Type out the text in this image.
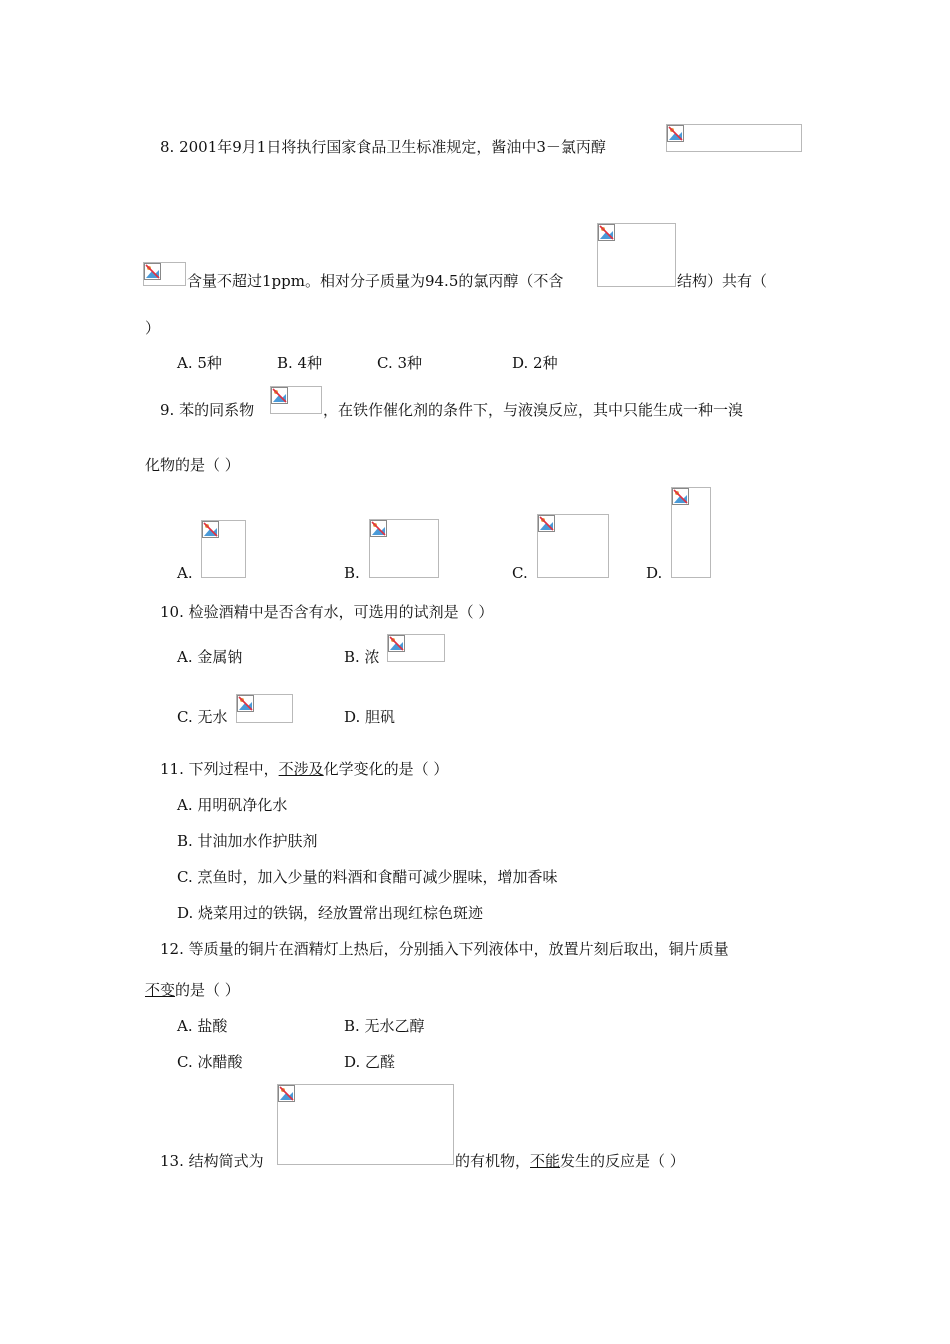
8. 2001年9月1日将执行国家食品卫生标准规定，酱油中3－氯丙醇
含量不超过1ppm。相对分子质量为94.5的氯丙醇（不含	结构）共有（
）
A. 5种	B. 4种	C. 3种	D. 2种
9. 苯的同系物	，在铁作催化剂的条件下，与液溴反应，其中只能生成一种一溴
化物的是（ ）
A.	B.	C.	D.
10. 检验酒精中是否含有水，可选用的试剂是（ ）
A. 金属钠	B. 浓
C. 无水	D. 胆矾
11. 下列过程中，不涉及化学变化的是（ ）
A. 用明矾净化水
B. 甘油加水作护肤剂
C. 烹鱼时，加入少量的料酒和食醋可减少腥味，增加香味
D. 烧菜用过的铁锅，经放置常出现红棕色斑迹
12. 等质量的铜片在酒精灯上热后，分别插入下列液体中，放置片刻后取出，铜片质量
不变的是（ ）
A. 盐酸	B. 无水乙醇
C. 冰醋酸	D. 乙醛
13. 结构简式为	的有机物，不能发生的反应是（ ）
